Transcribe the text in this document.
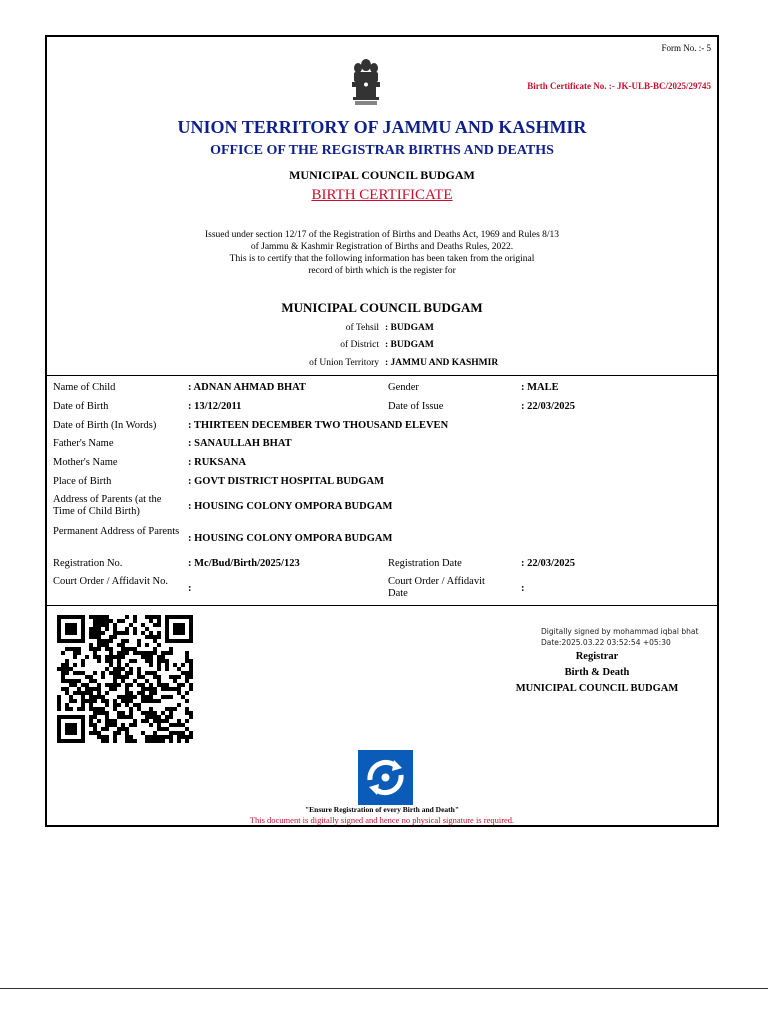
Form No. :- 5
Birth Certificate No. :- JK-ULB-BC/2025/29745
UNION TERRITORY OF JAMMU AND KASHMIR
OFFICE OF THE REGISTRAR BIRTHS AND DEATHS
MUNICIPAL COUNCIL BUDGAM
BIRTH CERTIFICATE
Issued under section 12/17 of the Registration of Births and Deaths Act, 1969 and Rules 8/13
of Jammu & Kashmir Registration of Births and Deaths Rules, 2022.
This is to certify that the following information has been taken from the original
record of birth which is the register for
MUNICIPAL COUNCIL BUDGAM
of Tehsil : BUDGAM
of District : BUDGAM
of Union Territory : JAMMU AND KASHMIR
Name of Child	: ADNAN AHMAD BHAT	Gender	: MALE
Date of Birth	: 13/12/2011	Date of Issue	: 22/03/2025
Date of Birth (In Words)	: THIRTEEN DECEMBER TWO THOUSAND ELEVEN
Father's Name	: SANAULLAH BHAT
Mother's Name	: RUKSANA
Place of Birth	: GOVT DISTRICT HOSPITAL BUDGAM
Address of Parents (at the Time of Child Birth)	: HOUSING COLONY OMPORA BUDGAM
Permanent Address of Parents
: HOUSING COLONY OMPORA BUDGAM
Registration No.	: Mc/Bud/Birth/2025/123	Registration Date	: 22/03/2025
Court Order / Affidavit No.
:
Court Order / Affidavit Date	:
Digitally signed by mohammad iqbal bhat
Date:2025.03.22 03:52:54 +05:30
Registrar
Birth & Death
MUNICIPAL COUNCIL BUDGAM
"Ensure Registration of every Birth and Death"
This document is digitally signed and hence no physical signature is required.
